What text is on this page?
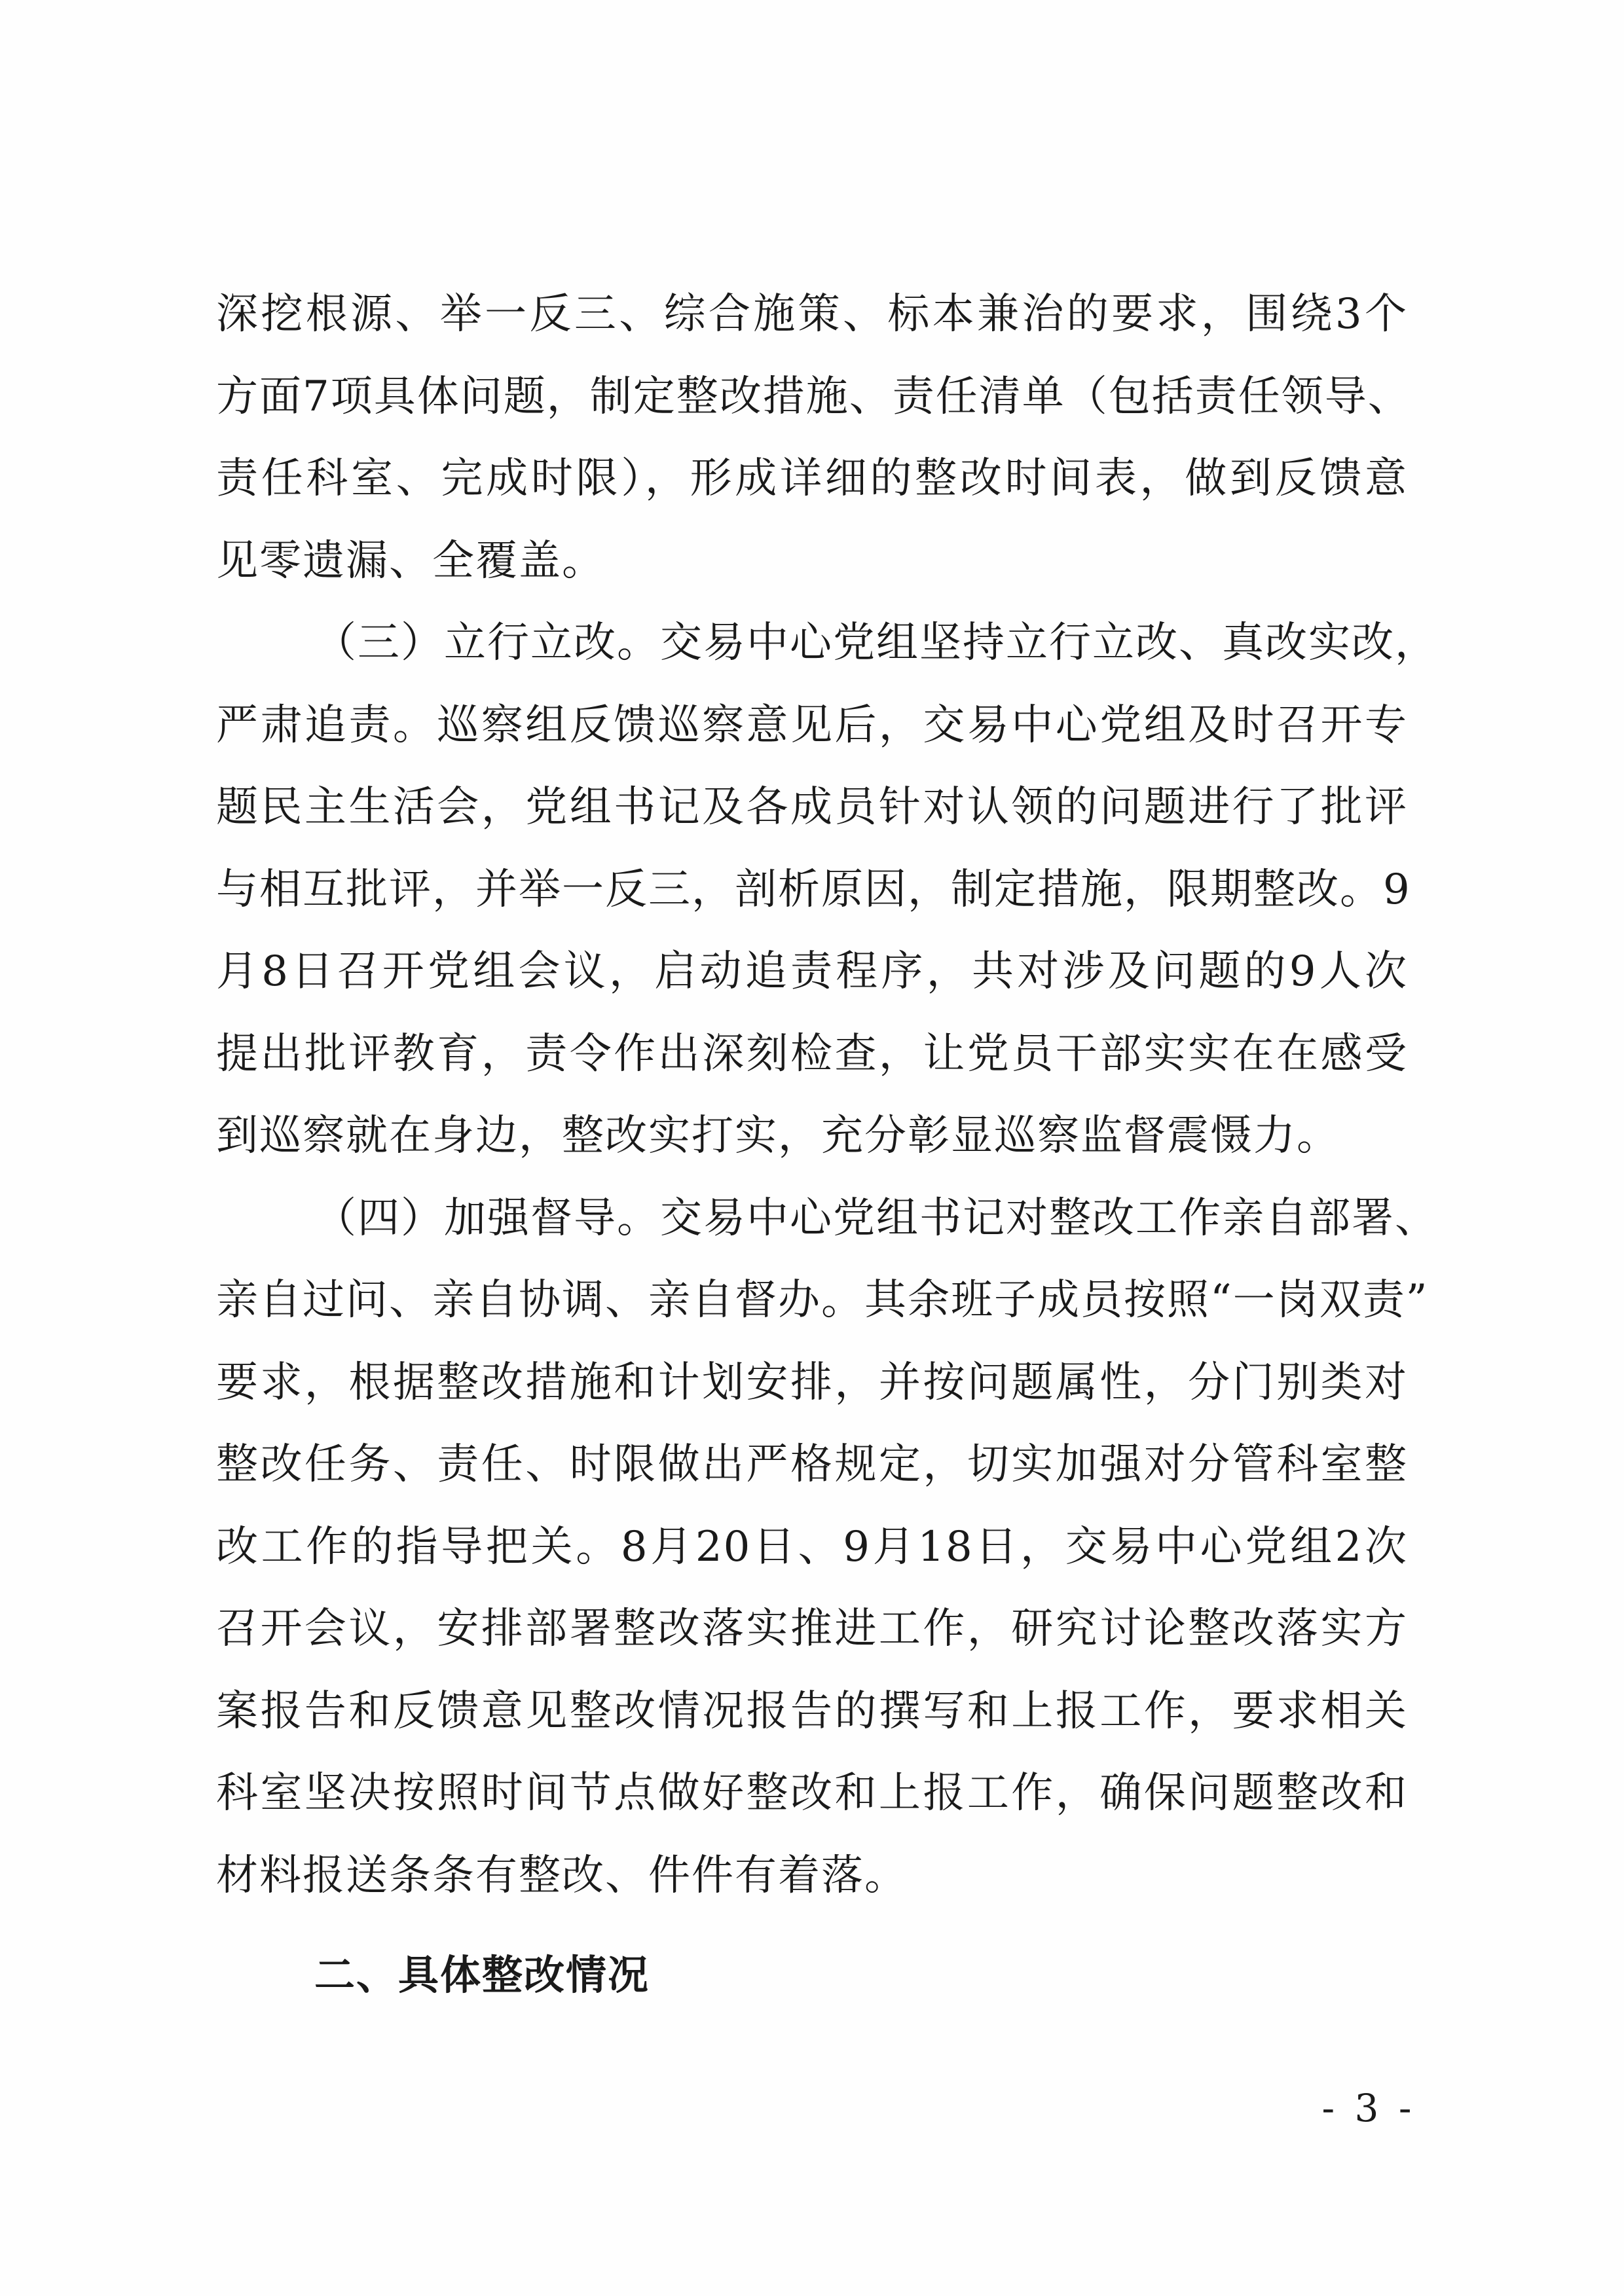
深挖根源、举一反三、综合施策、标本兼治的要求，围绕3个
方面7项具体问题，制定整改措施、责任清单（包括责任领导、
责任科室、完成时限），形成详细的整改时间表，做到反馈意
见零遗漏、全覆盖。
（三）立行立改。交易中心党组坚持立行立改、真改实改，
严肃追责。巡察组反馈巡察意见后，交易中心党组及时召开专
题民主生活会，党组书记及各成员针对认领的问题进行了批评
与相互批评，并举一反三，剖析原因，制定措施，限期整改。9
月8日召开党组会议，启动追责程序，共对涉及问题的9人次
提出批评教育，责令作出深刻检查，让党员干部实实在在感受
到巡察就在身边，整改实打实，充分彰显巡察监督震慑力。
（四）加强督导。交易中心党组书记对整改工作亲自部署、
亲自过问、亲自协调、亲自督办。其余班子成员按照“一岗双责”
要求，根据整改措施和计划安排，并按问题属性，分门别类对
整改任务、责任、时限做出严格规定，切实加强对分管科室整
改工作的指导把关。8月20日、9月18日，交易中心党组2次
召开会议，安排部署整改落实推进工作，研究讨论整改落实方
案报告和反馈意见整改情况报告的撰写和上报工作，要求相关
科室坚决按照时间节点做好整改和上报工作，确保问题整改和
材料报送条条有整改、件件有着落。
二、具体整改情况
- 3 -
